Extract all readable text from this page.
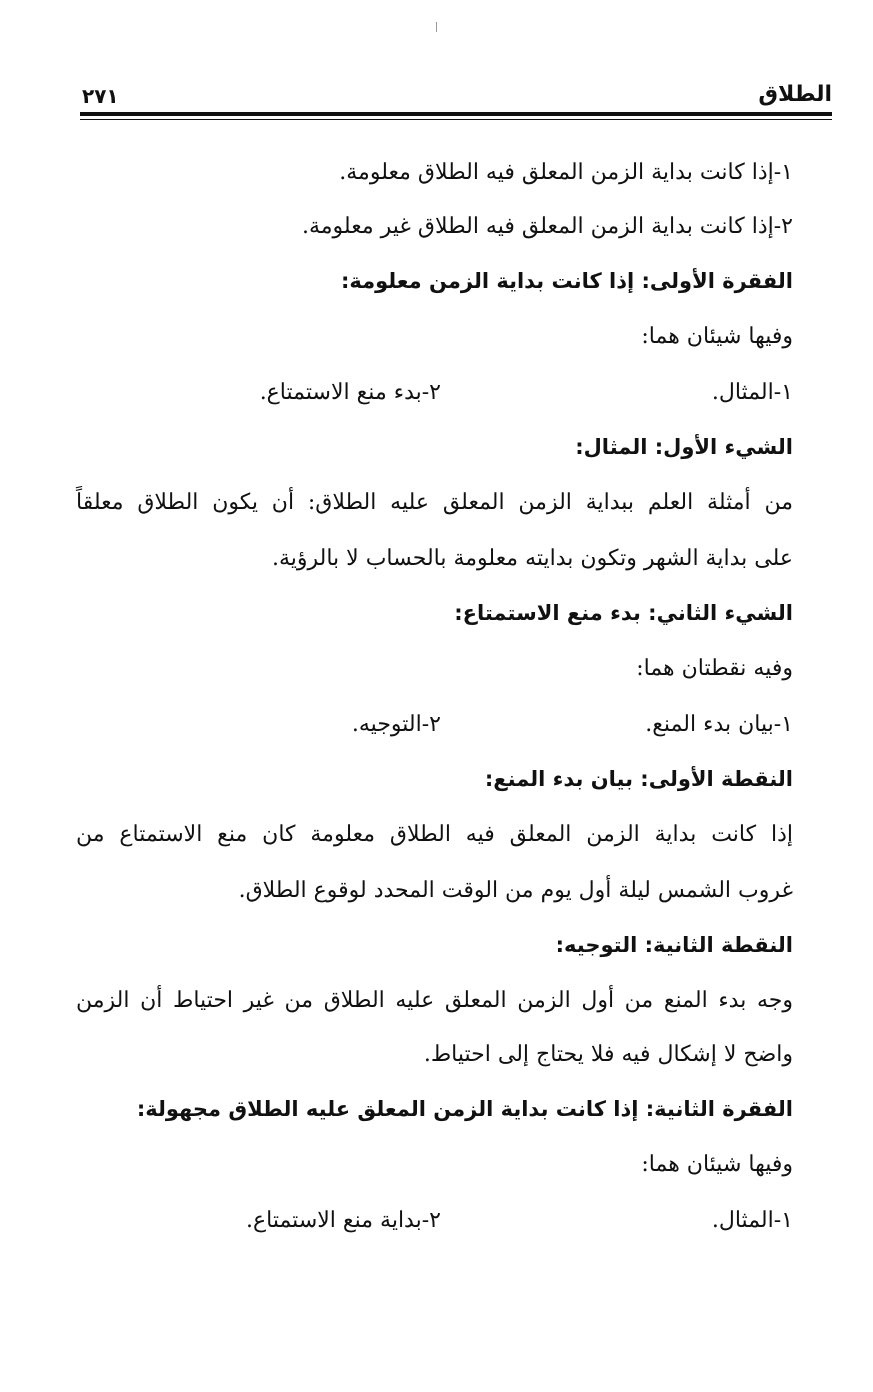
الطلاق
٢٧١
١-إذا كانت بداية الزمن المعلق فيه الطلاق معلومة.
٢-إذا كانت بداية الزمن المعلق فيه الطلاق غير معلومة.
الفقرة الأولى: إذا كانت بداية الزمن معلومة:
وفيها شيئان هما:
١-المثال.
٢-بدء منع الاستمتاع.
الشيء الأول: المثال:
من أمثلة العلم ببداية الزمن المعلق عليه الطلاق: أن يكون الطلاق معلقاً
على بداية الشهر وتكون بدايته معلومة بالحساب لا بالرؤية.
الشيء الثاني: بدء منع الاستمتاع:
وفيه نقطتان هما:
١-بيان بدء المنع.
٢-التوجيه.
النقطة الأولى: بيان بدء المنع:
إذا كانت بداية الزمن المعلق فيه الطلاق معلومة كان منع الاستمتاع من
غروب الشمس ليلة أول يوم من الوقت المحدد لوقوع الطلاق.
النقطة الثانية: التوجيه:
وجه بدء المنع من أول الزمن المعلق عليه الطلاق من غير احتياط أن الزمن
واضح لا إشكال فيه فلا يحتاج إلى احتياط.
الفقرة الثانية: إذا كانت بداية الزمن المعلق عليه الطلاق مجهولة:
وفيها شيئان هما:
١-المثال.
٢-بداية منع الاستمتاع.
